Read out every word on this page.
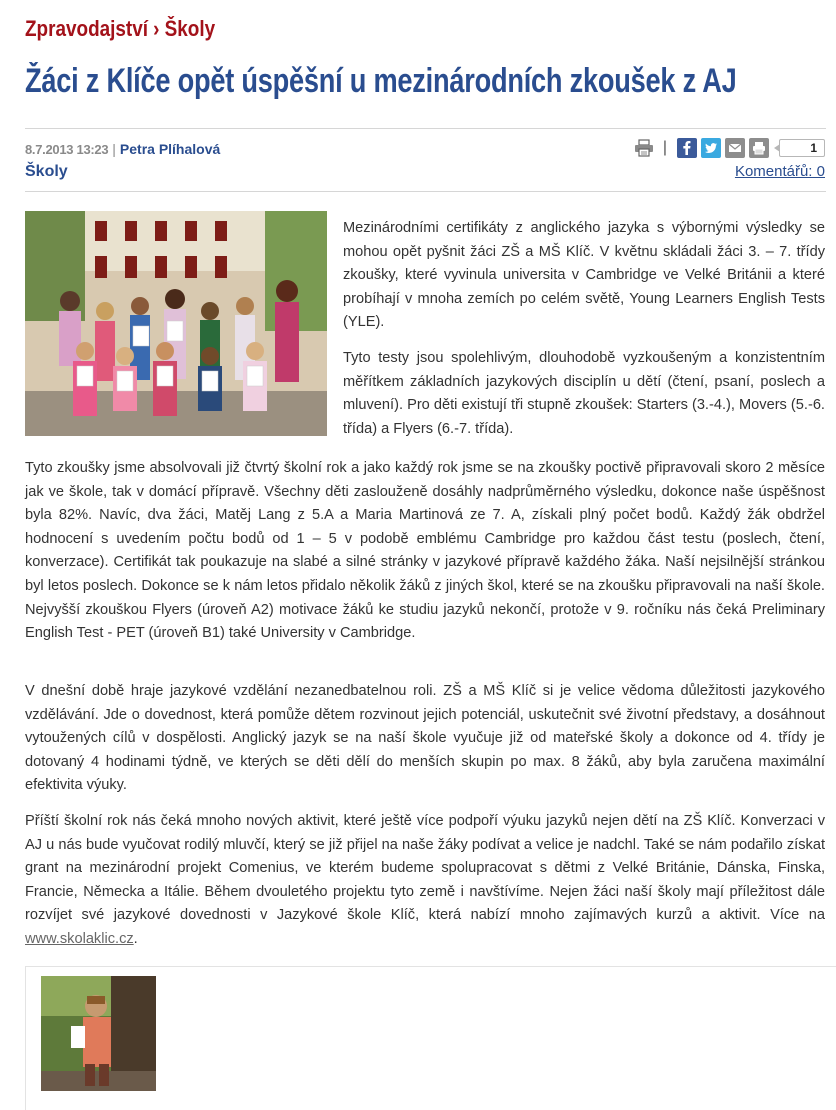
Zpravodajství › Školy
Žáci z Klíče opět úspěšní u mezinárodních zkoušek z AJ
8.7.2013 13:23 | Petra Plíhalová
Školy
|	1
Komentářů: 0

Mezinárodními certifikáty z anglického jazyka s výbornými výsledky se mohou opět pyšnit žáci ZŠ a MŠ Klíč. V květnu skládali žáci 3. – 7. třídy zkoušky, které vyvinula universita v Cambridge ve Velké Británii a které probíhají v mnoha zemích po celém světě, Young Learners English Tests (YLE).

Tyto testy jsou spolehlivým, dlouhodobě vyzkoušeným a konzistentním měřítkem základních jazykových disciplín u dětí (čtení, psaní, poslech a mluvení). Pro děti existují tři stupně zkoušek: Starters (3.-4.), Movers (5.-6. třída) a Flyers (6.-7. třída).

Tyto zkoušky jsme absolvovali již čtvrtý školní rok a jako každý rok jsme se na zkoušky poctivě připravovali skoro 2 měsíce jak ve škole, tak v domácí přípravě. Všechny děti zaslouženě dosáhly nadprůměrného výsledku, dokonce naše úspěšnost byla 82%. Navíc, dva žáci, Matěj Lang z 5.A a Maria Martinová ze 7. A, získali plný počet bodů. Každý žák obdržel hodnocení s uvedením počtu bodů od 1 – 5 v podobě emblému Cambridge pro každou část testu (poslech, čtení, konverzace). Certifikát tak poukazuje na slabé a silné stránky v jazykové přípravě každého žáka. Naší nejsilnější stránkou byl letos poslech. Dokonce se k nám letos přidalo několik žáků z jiných škol, které se na zkoušku připravovali na naší škole. Nejvyšší zkouškou Flyers (úroveň A2) motivace žáků ke studiu jazyků nekončí, protože v 9. ročníku nás čeká Preliminary English Test - PET (úroveň B1) také University v Cambridge.

V dnešní době hraje jazykové vzdělání nezanedbatelnou roli. ZŠ a MŠ Klíč si je velice vědoma důležitosti jazykového vzdělávání. Jde o dovednost, která pomůže dětem rozvinout jejich potenciál, uskutečnit své životní představy, a dosáhnout vytoužených cílů v dospělosti. Anglický jazyk se na naší škole vyučuje již od mateřské školy a dokonce od 4. třídy je dotovaný 4 hodinami týdně, ve kterých se děti dělí do menších skupin po max. 8 žáků, aby byla zaručena maximální efektivita výuky.

Příští školní rok nás čeká mnoho nových aktivit, které ještě více podpoří výuku jazyků nejen dětí na ZŠ Klíč. Konverzaci v AJ u nás bude vyučovat rodilý mluvčí, který se již přijel na naše žáky podívat a velice je nadchl. Také se nám podařilo získat grant na mezinárodní projekt Comenius, ve kterém budeme spolupracovat s dětmi z Velké Británie, Dánska, Finska, Francie, Německa a Itálie. Během dvouletého projektu tyto země i navštívíme. Nejen žáci naší školy mají příležitost dále rozvíjet své jazykové dovednosti v Jazykové škole Klíč, která nabízí mnoho zajímavých kurzů a aktivit. Více na www.skolaklic.cz.
